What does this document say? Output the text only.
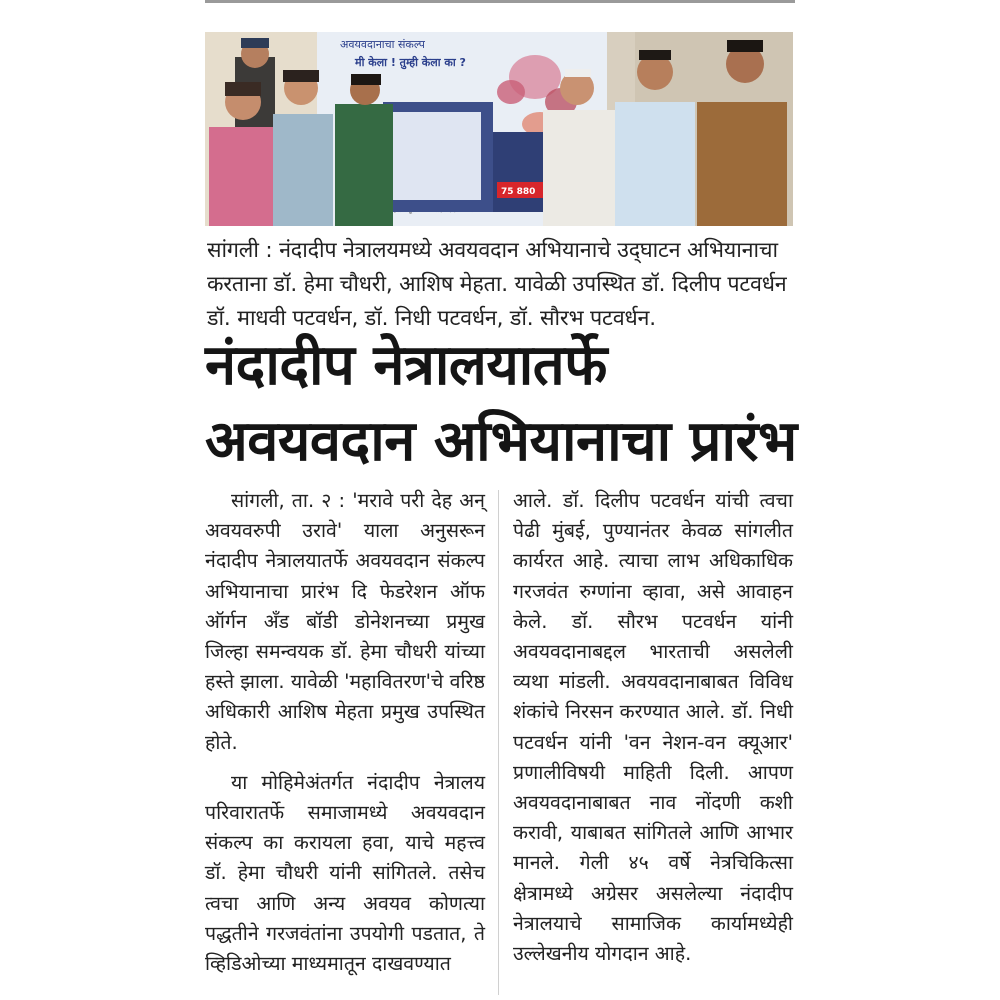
अवयवदानाचा संकल्प
मी केला ! तुम्ही केला का ?
75 880
सांगली : नंदादीप नेत्रालयमध्ये अवयवदान अभियानाचे उद्‌घाटन अभियानाचा करताना डॉ. हेमा चौधरी, आशिष मेहता. यावेळी उपस्थित डॉ. दिलीप पटवर्धन डॉ. माधवी पटवर्धन, डॉ. निधी पटवर्धन, डॉ. सौरभ पटवर्धन.
नंदादीप नेत्रालयातर्फे
अवयवदान अभियानाचा प्रारंभ

सांगली, ता. २ : 'मरावे परी देह अन् अवयवरुपी उरावे' याला अनुसरून नंदादीप नेत्रालयातर्फे अवयवदान संकल्प अभियानाचा प्रारंभ दि फेडरेशन ऑफ ऑर्गन अँड बॉडी डोनेशनच्या प्रमुख जिल्हा समन्वयक डॉ. हेमा चौधरी यांच्या हस्ते झाला. यावेळी 'महावितरण'चे वरिष्ठ अधिकारी आशिष मेहता प्रमुख उपस्थित होते.

या मोहिमेअंतर्गत नंदादीप नेत्रालय परिवारातर्फे समाजामध्ये अवयवदान संकल्प का करायला हवा, याचे महत्त्व डॉ. हेमा चौधरी यांनी सांगितले. तसेच त्वचा आणि अन्य अवयव कोणत्या पद्धतीने गरजवंतांना उपयोगी पडतात, ते व्हिडिओच्या माध्यमातून दाखवण्यात

आले. डॉ. दिलीप पटवर्धन यांची त्वचा पेढी मुंबई, पुण्यानंतर केवळ सांगलीत कार्यरत आहे. त्याचा लाभ अधिकाधिक गरजवंत रुग्णांना व्हावा, असे आवाहन केले. डॉ. सौरभ पटवर्धन यांनी अवयवदानाबद्दल भारताची असलेली व्यथा मांडली. अवयवदानाबाबत विविध शंकांचे निरसन करण्यात आले. डॉ. निधी पटवर्धन यांनी 'वन नेशन-वन क्यूआर' प्रणालीविषयी माहिती दिली. आपण अवयवदानाबाबत नाव नोंदणी कशी करावी, याबाबत सांगितले आणि आभार मानले. गेली ४५ वर्षे नेत्रचिकित्सा क्षेत्रामध्ये अग्रेसर असलेल्या नंदादीप नेत्रालयाचे सामाजिक कार्यामध्येही उल्लेखनीय योगदान आहे.
